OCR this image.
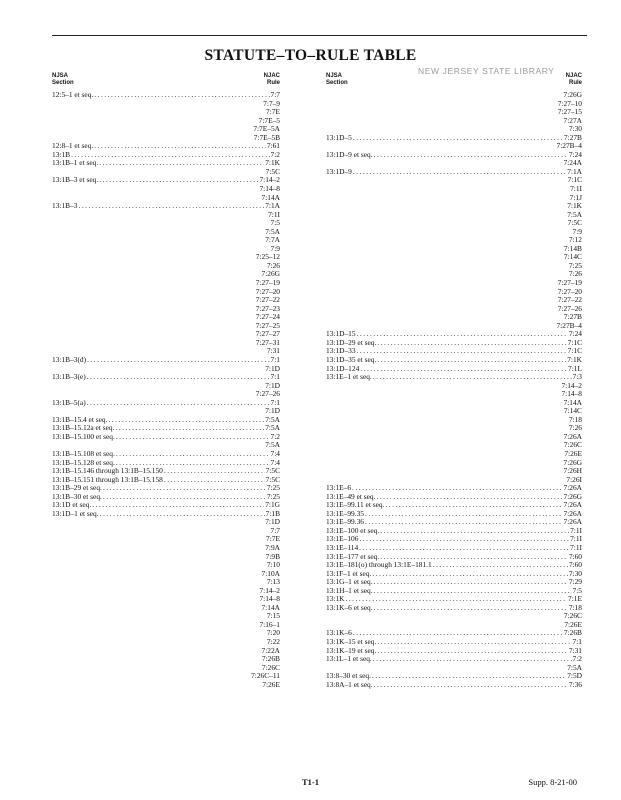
STATUTE–TO–RULE TABLE
NEW JERSEY STATE LIBRARY
NJSA
Section
NJAC
Rule
12:5–1 et seq. .....	7:7
7:7–9
7:7E
7:7E–5
7:7E–5A
7:7E–5B
12:8–1 et seq. .....	7:61
13:1B .....	7:2
13:1B–1 et seq. .....	7:1K
7:5C
13:1B–3 et seq. .....	7:14–2
7:14–8
7:14A
13:1B–3 .....	7:1A
7:1I
7:5
7:5A
7:7A
7:9
7:25–12
7:26
7:26G
7:27–19
7:27–20
7:27–22
7:27–23
7:27–24
7:27–25
7:27–27
7:27–31
7:31
13:1B–3(d) .....	7:1
7:1D
13:1B–3(e) .....	7:1
7:1D
7:27–26
13:1B–5(a) .....	7:1
7:1D
13:1B–15.4 et seq. .....	7:5A
13:1B–15.12a et seq. .....	7:5A
13:1B–15.100 et seq. .....	7:2
7:5A
13:1B–15.108 et seq. .....	7:4
13:1B–15.128 et seq. .....	7:4
13:1B–15.146 through 13:1B–15.150 .....	7:5C
13:1B–15.151 through 13:1B–15.158 .....	7:5C
13:1B–29 et seq. .....	7:25
13:1B–30 et seq. .....	7:25
13:1D et seq. .....	7:1G
13:1D–1 et seq. .....	7:1B
7:1D
7:7
7:7E
7:9A
7:9B
7:10
7:10A
7:13
7:14–2
7:14–8
7:14A
7:15
7:16–1
7:20
7:22
7:22A
7:26B
7:26C
7:26C–11
7:26E
NJSA
Section
NJAC
Rule
7:26G
7:27–10
7:27–15
7:27A
7:30
13:1D–5 .....	7:27B
7:27B–4
13:1D–9 et seq. .....	7:24
7:24A
13:1D–9 .....	7:1A
7:1C
7:1I
7:1J
7:1K
7:5A
7:5C
7:9
7:12
7:14B
7:14C
7:25
7:26
7:27–19
7:27–20
7:27–22
7:27–26
7:27B
7:27B–4
13:1D–15 .....	7:24
13:1D–29 et seq. .....	7:1C
13:1D–33 .....	7:1C
13:1D–35 et seq. .....	7:1K
13:1D–124 .....	7:1L
13:1E–1 et seq. .....	7:3
7:14–2
7:14–8
7:14A
7:14C
7:18
7:26
7:26A
7:26C
7:26E
7:26G
7:26H
7:26I
13:1E–6 .....	7:26A
13:1E–49 et seq. .....	7:26G
13:1E–99.11 et seq. .....	7:26A
13:1E–99.35 .....	7:26A
13:1E–99.36 .....	7:26A
13:1E–100 et seq. .....	7:1I
13:1E–106 .....	7:1I
13:1E–114 .....	7:1I
13:1E–177 et seq. .....	7:60
13:1E–181(o) through 13:1E–181.1 .....	7:60
13:1F–1 et seq. .....	7:30
13:1G–1 et seq. .....	7:29
13:1H–1 et seq. .....	7:5
13:1K .....	7:1E
13:1K–6 et seq. .....	7:18
7:26C
7:26E
13:1K–6 .....	7:26B
13:1K–15 et seq. .....	7:1
13:1K–19 et seq. .....	7:31
13:1L–1 et seq. .....	7:2
7:5A
13:8–30 et seq. .....	7:5D
13:8A–1 et seq. .....	7:36
T1-1	Supp. 8-21-00
